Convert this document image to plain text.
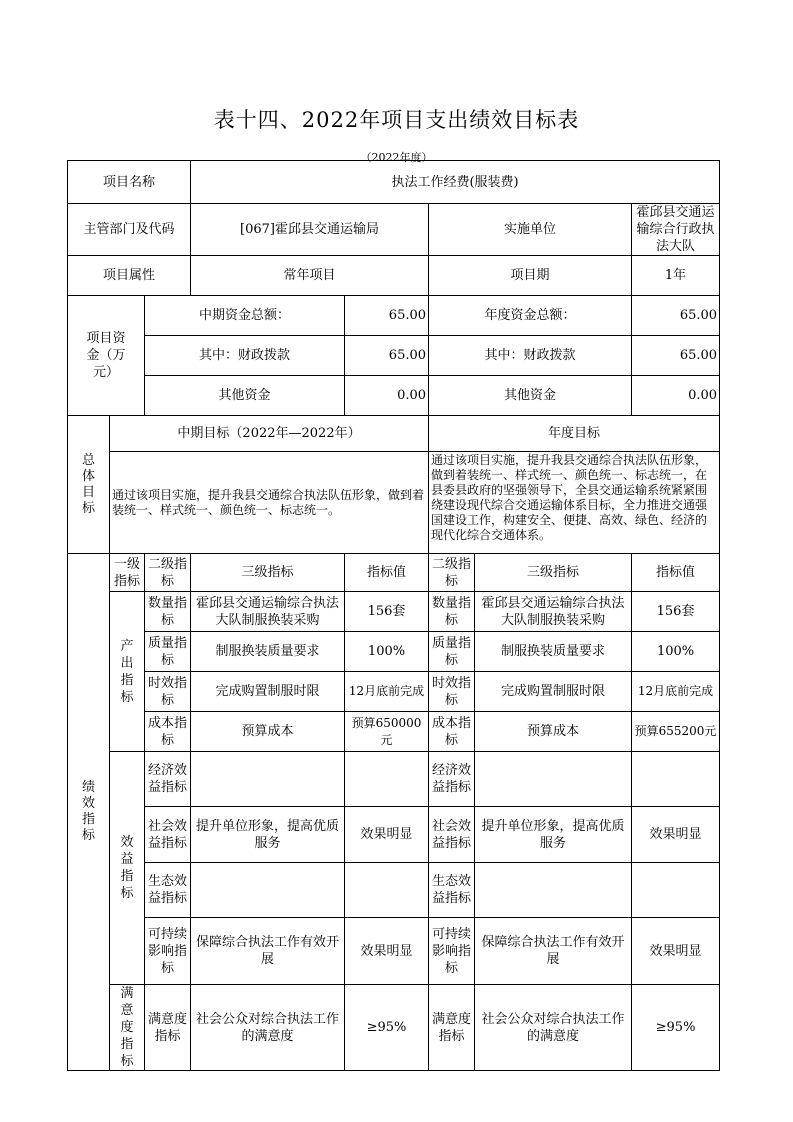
表十四、2022年项目支出绩效目标表
（2022年度）
项目名称			执法工作经费(服装费)				
主管部门及代码			[067]霍邱县交通运输局		实施单位		霍邱县交通运输综合行政执法大队
项目属性			常年项目		项目期		1年
项目资金（万元）		中期资金总额：		65.00	年度资金总额：		65.00
		其中：财政拨款		65.00	其中：财政拨款		65.00
		其他资金		0.00	其他资金		0.00
总体目标	中期目标（2022年—2022年）				年度目标		
	通过该项目实施，提升我县交通综合执法队伍形象，做到着装统一、样式统一、颜色统一、标志统一。				通过该项目实施，提升我县交通综合执法队伍形象，做到着装统一、样式统一、颜色统一、标志统一，在县委县政府的坚强领导下，全县交通运输系统紧紧围绕建设现代综合交通运输体系目标，全力推进交通强国建设工作，构建安全、便捷、高效、绿色、经济的现代化综合交通体系。		
绩效指标	一级指标	二级指标	三级指标	指标值	二级指标	三级指标	指标值
	产出指标	数量指标	霍邱县交通运输综合执法大队制服换装采购	156套	数量指标	霍邱县交通运输综合执法大队制服换装采购	156套
		质量指标	制服换装质量要求	100%	质量指标	制服换装质量要求	100%
		时效指标	完成购置制服时限	12月底前完成	时效指标	完成购置制服时限	12月底前完成
		成本指标	预算成本	预算650000元	成本指标	预算成本	预算655200元
	效益指标	经济效益指标			经济效益指标		
		社会效益指标	提升单位形象，提高优质服务	效果明显	社会效益指标	提升单位形象，提高优质服务	效果明显
		生态效益指标			生态效益指标		
		可持续影响指标	保障综合执法工作有效开展	效果明显	可持续影响指标	保障综合执法工作有效开展	效果明显
	满意度指标	满意度指标	社会公众对综合执法工作的满意度	≥95%	满意度指标	社会公众对综合执法工作的满意度	≥95%
